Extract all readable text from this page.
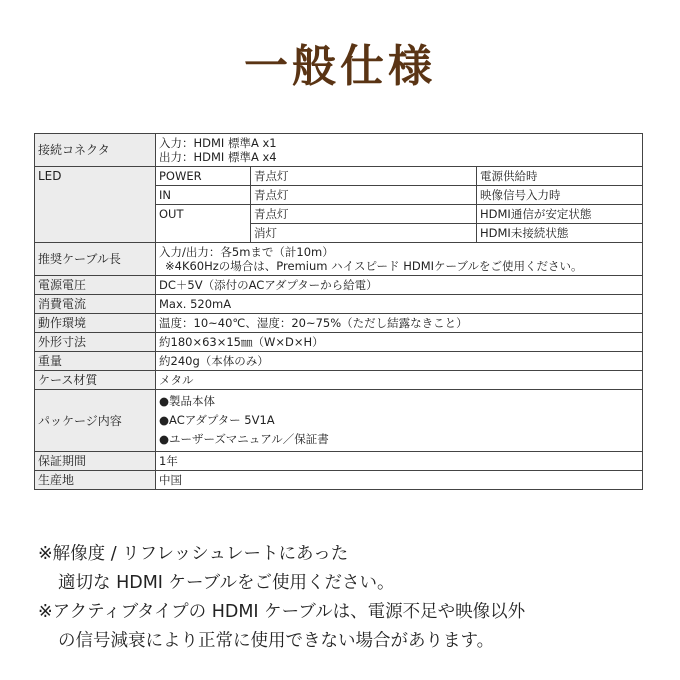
一般仕様
接続コネクタ	入力：HDMI 標準A x1
出力：HDMI 標準A x4		

LED	POWER	青点灯	電源供給時
	IN	青点灯	映像信号入力時
	OUT	青点灯	HDMI通信が安定状態
		消灯	HDMI未接続状態
推奨ケーブル長	入力/出力：各5mまで（計10m）
※4K60Hzの場合は、Premium ハイスピード HDMIケーブルをご使用ください。		

電源電圧	DC＋5V（添付のACアダプターから給電）		
消費電流	Max. 520mA		
動作環境	温度：10~40℃、湿度：20~75%（ただし結露なきこと）		
外形寸法	約180×63×15㎜（W×D×H）		
重量	約240g（本体のみ）		
ケース材質	メタル		
パッケージ内容	●製品本体
●ACアダプター 5V1A
●ユーザーズマニュアル／保証書		

保証期間	1年		
生産地	中国		
※解像度 / リフレッシュレートにあった
適切な HDMI ケーブルをご使用ください。
※アクティブタイプの HDMI ケーブルは、電源不足や映像以外
の信号減衰により正常に使用できない場合があります。
